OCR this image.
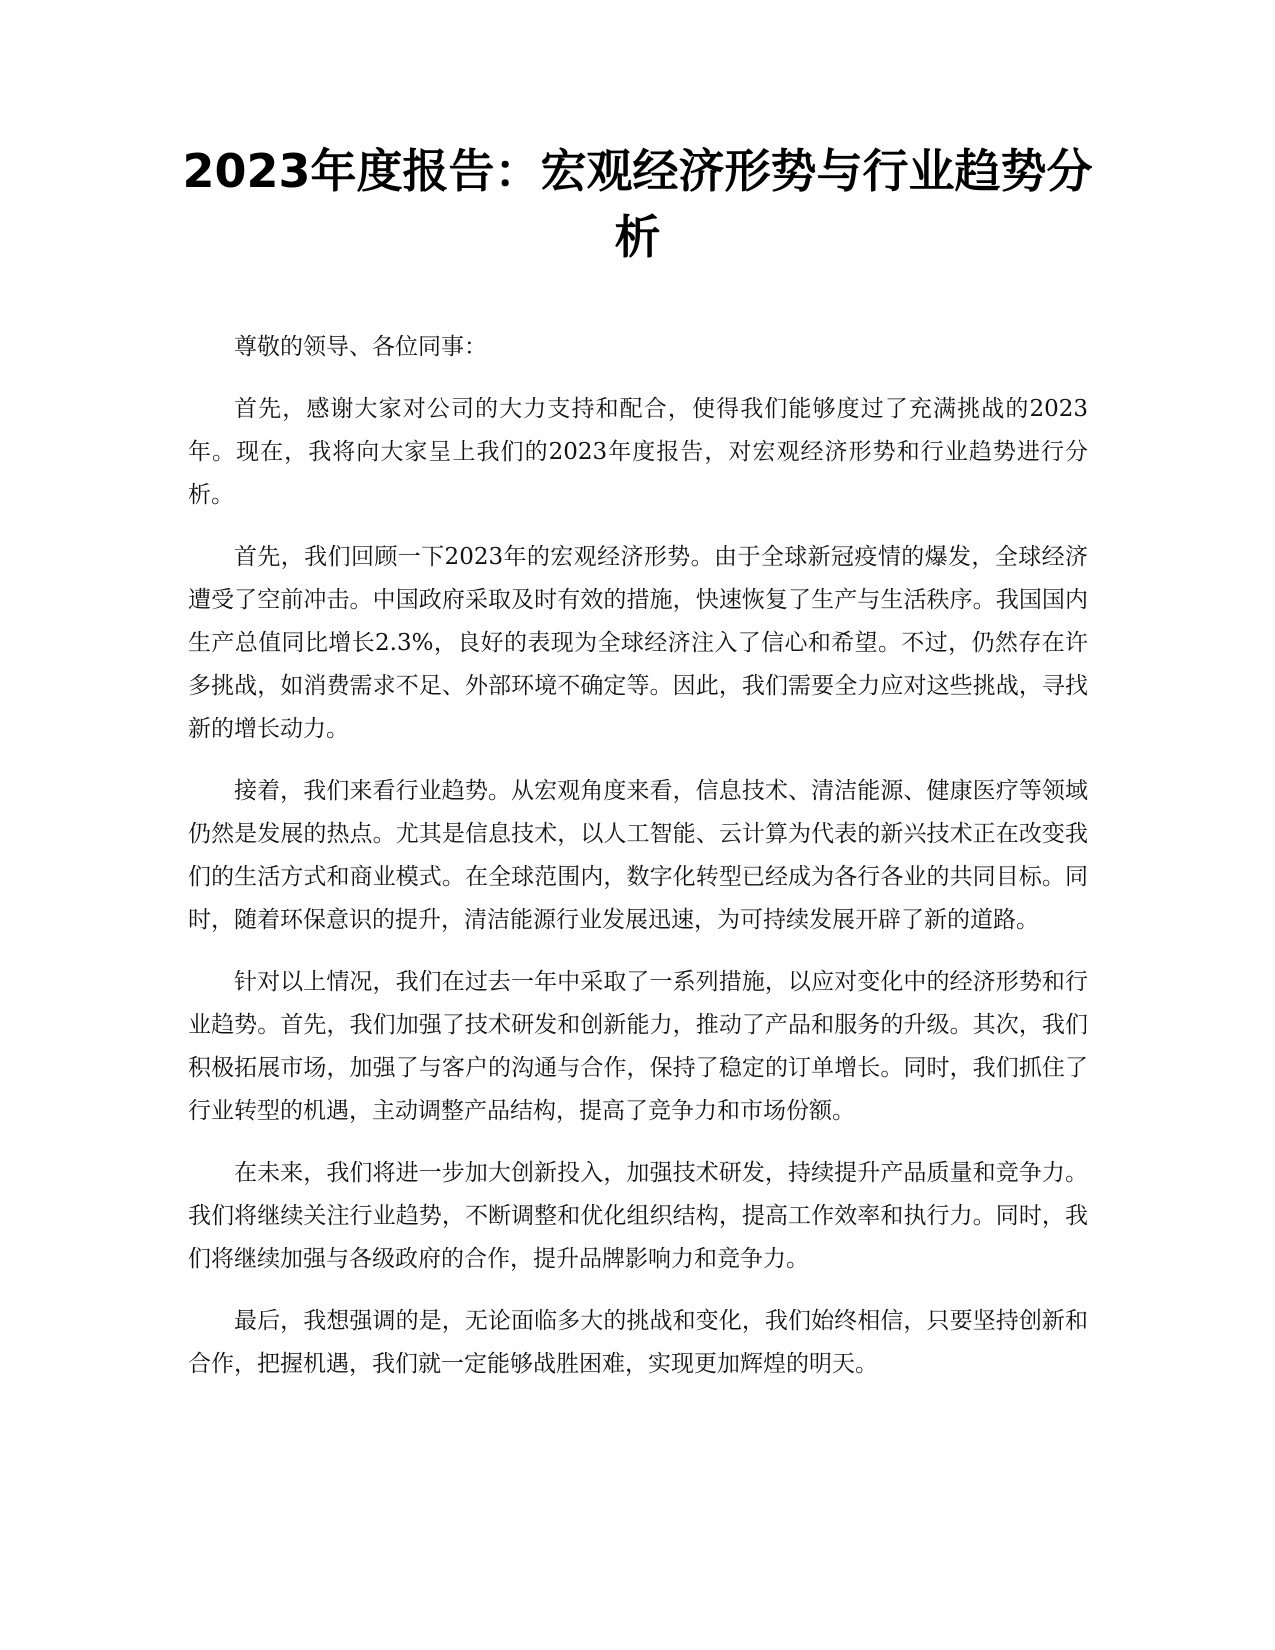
2023年度报告：宏观经济形势与行业趋势分析

尊敬的领导、各位同事：

首先，感谢大家对公司的大力支持和配合，使得我们能够度过了充满挑战的2023年。现在，我将向大家呈上我们的2023年度报告，对宏观经济形势和行业趋势进行分析。

首先，我们回顾一下2023年的宏观经济形势。由于全球新冠疫情的爆发，全球经济遭受了空前冲击。中国政府采取及时有效的措施，快速恢复了生产与生活秩序。我国国内生产总值同比增长2.3%，良好的表现为全球经济注入了信心和希望。不过，仍然存在许多挑战，如消费需求不足、外部环境不确定等。因此，我们需要全力应对这些挑战，寻找新的增长动力。

接着，我们来看行业趋势。从宏观角度来看，信息技术、清洁能源、健康医疗等领域仍然是发展的热点。尤其是信息技术，以人工智能、云计算为代表的新兴技术正在改变我们的生活方式和商业模式。在全球范围内，数字化转型已经成为各行各业的共同目标。同时，随着环保意识的提升，清洁能源行业发展迅速，为可持续发展开辟了新的道路。

针对以上情况，我们在过去一年中采取了一系列措施，以应对变化中的经济形势和行业趋势。首先，我们加强了技术研发和创新能力，推动了产品和服务的升级。其次，我们积极拓展市场，加强了与客户的沟通与合作，保持了稳定的订单增长。同时，我们抓住了行业转型的机遇，主动调整产品结构，提高了竞争力和市场份额。

在未来，我们将进一步加大创新投入，加强技术研发，持续提升产品质量和竞争力。我们将继续关注行业趋势，不断调整和优化组织结构，提高工作效率和执行力。同时，我们将继续加强与各级政府的合作，提升品牌影响力和竞争力。

最后，我想强调的是，无论面临多大的挑战和变化，我们始终相信，只要坚持创新和合作，把握机遇，我们就一定能够战胜困难，实现更加辉煌的明天。
